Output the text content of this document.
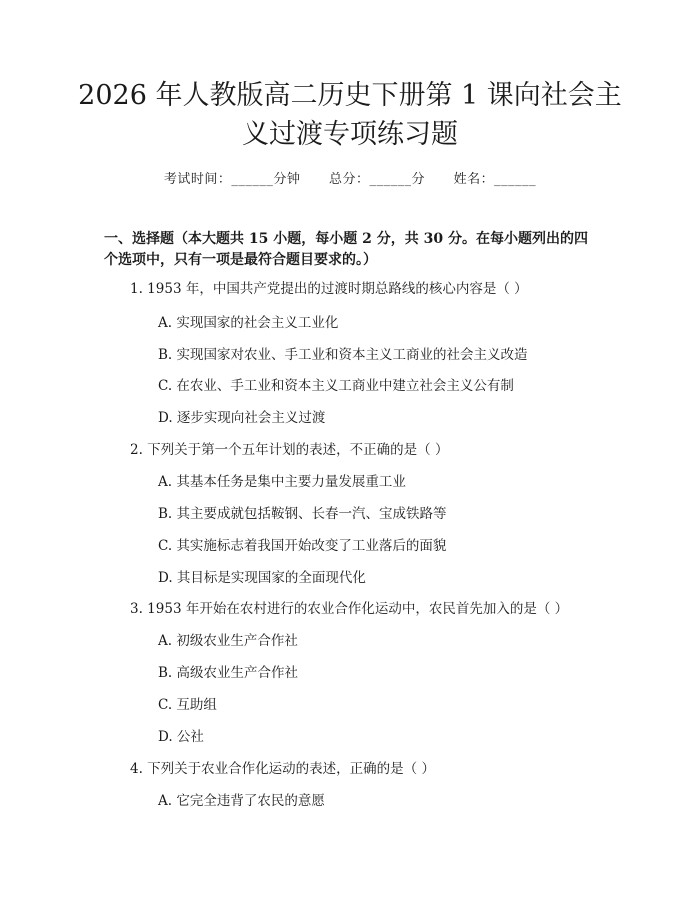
2026 年人教版高二历史下册第 1 课向社会主
义过渡专项练习题
考试时间：______分钟 总分：______分 姓名：______
一、选择题（本大题共 15 小题，每小题 2 分，共 30 分。在每小题列出的四个选项中，只有一项是最符合题目要求的。）
1. 1953 年，中国共产党提出的过渡时期总路线的核心内容是（ ）
A. 实现国家的社会主义工业化
B. 实现国家对农业、手工业和资本主义工商业的社会主义改造
C. 在农业、手工业和资本主义工商业中建立社会主义公有制
D. 逐步实现向社会主义过渡
2. 下列关于第一个五年计划的表述，不正确的是（ ）
A. 其基本任务是集中主要力量发展重工业
B. 其主要成就包括鞍钢、长春一汽、宝成铁路等
C. 其实施标志着我国开始改变了工业落后的面貌
D. 其目标是实现国家的全面现代化
3. 1953 年开始在农村进行的农业合作化运动中，农民首先加入的是（ ）
A. 初级农业生产合作社
B. 高级农业生产合作社
C. 互助组
D. 公社
4. 下列关于农业合作化运动的表述，正确的是（ ）
A. 它完全违背了农民的意愿
